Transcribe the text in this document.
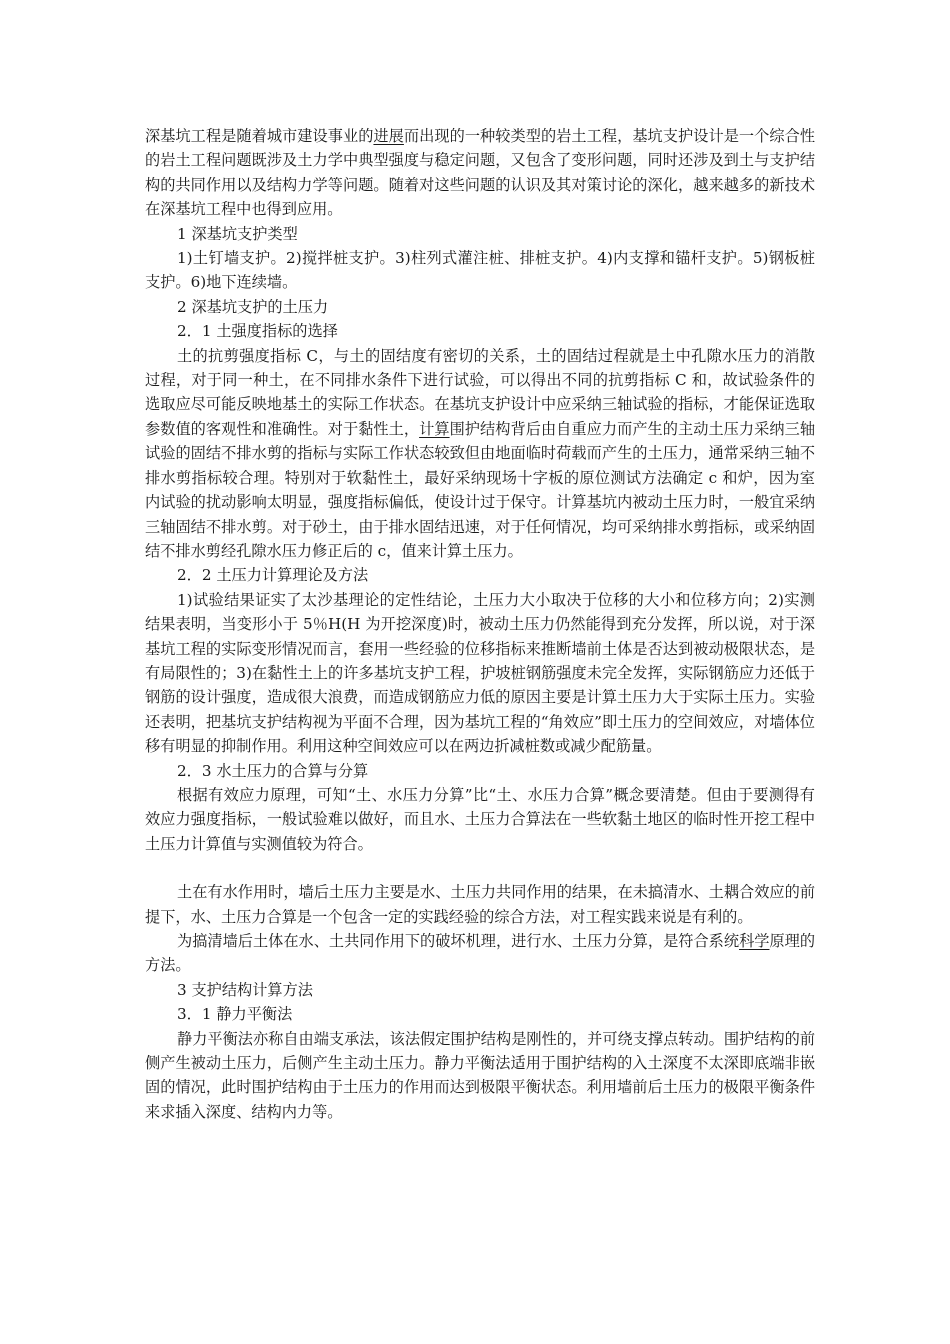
深基坑工程是随着城市建设事业的进展而出现的一种较类型的岩土工程，基坑支护设计是一个综合性的岩土工程问题既涉及土力学中典型强度与稳定问题，又包含了变形问题，同时还涉及到土与支护结构的共同作用以及结构力学等问题。随着对这些问题的认识及其对策讨论的深化，越来越多的新技术在深基坑工程中也得到应用。

1 深基坑支护类型

1)土钉墙支护。2)搅拌桩支护。3)柱列式灌注桩、排桩支护。4)内支撑和锚杆支护。5)钢板桩支护。6)地下连续墙。

2 深基坑支护的土压力

2．1 土强度指标的选择

土的抗剪强度指标 C，与土的固结度有密切的关系，土的固结过程就是土中孔隙水压力的消散过程，对于同一种土，在不同排水条件下进行试验，可以得出不同的抗剪指标 C 和，故试验条件的选取应尽可能反映地基土的实际工作状态。在基坑支护设计中应采纳三轴试验的指标，才能保证选取参数值的客观性和准确性。对于黏性土，计算围护结构背后由自重应力而产生的主动土压力采纳三轴试验的固结不排水剪的指标与实际工作状态较致但由地面临时荷载而产生的土压力，通常采纳三轴不排水剪指标较合理。特别对于软黏性土，最好采纳现场十字板的原位测试方法确定 c 和炉，因为室内试验的扰动影响太明显，强度指标偏低，使设计过于保守。计算基坑内被动土压力时，一般宜采纳三轴固结不排水剪。对于砂土，由于排水固结迅速，对于任何情况，均可采纳排水剪指标，或采纳固结不排水剪经孔隙水压力修正后的 c，值来计算土压力。

2．2 土压力计算理论及方法

1)试验结果证实了太沙基理论的定性结论，土压力大小取决于位移的大小和位移方向；2)实测结果表明，当变形小于 5％H(H 为开挖深度)时，被动土压力仍然能得到充分发挥，所以说，对于深基坑工程的实际变形情况而言，套用一些经验的位移指标来推断墙前土体是否达到被动极限状态，是有局限性的；3)在黏性土上的许多基坑支护工程，护坡桩钢筋强度未完全发挥，实际钢筋应力还低于钢筋的设计强度，造成很大浪费，而造成钢筋应力低的原因主要是计算土压力大于实际土压力。实验还表明，把基坑支护结构视为平面不合理，因为基坑工程的“角效应”即土压力的空间效应，对墙体位移有明显的抑制作用。利用这种空间效应可以在两边折减桩数或减少配筋量。

2．3 水土压力的合算与分算

根据有效应力原理，可知“土、水压力分算”比“土、水压力合算”概念要清楚。但由于要测得有效应力强度指标，一般试验难以做好，而且水、土压力合算法在一些软黏土地区的临时性开挖工程中土压力计算值与实测值较为符合。

土在有水作用时，墙后土压力主要是水、土压力共同作用的结果，在未搞清水、土耦合效应的前提下，水、土压力合算是一个包含一定的实践经验的综合方法，对工程实践来说是有利的。

为搞清墙后土体在水、土共同作用下的破坏机理，进行水、土压力分算，是符合系统科学原理的方法。

3 支护结构计算方法

3．1 静力平衡法

静力平衡法亦称自由端支承法，该法假定围护结构是刚性的，并可绕支撑点转动。围护结构的前侧产生被动土压力，后侧产生主动土压力。静力平衡法适用于围护结构的入土深度不太深即底端非嵌固的情况，此时围护结构由于土压力的作用而达到极限平衡状态。利用墙前后土压力的极限平衡条件来求插入深度、结构内力等。
